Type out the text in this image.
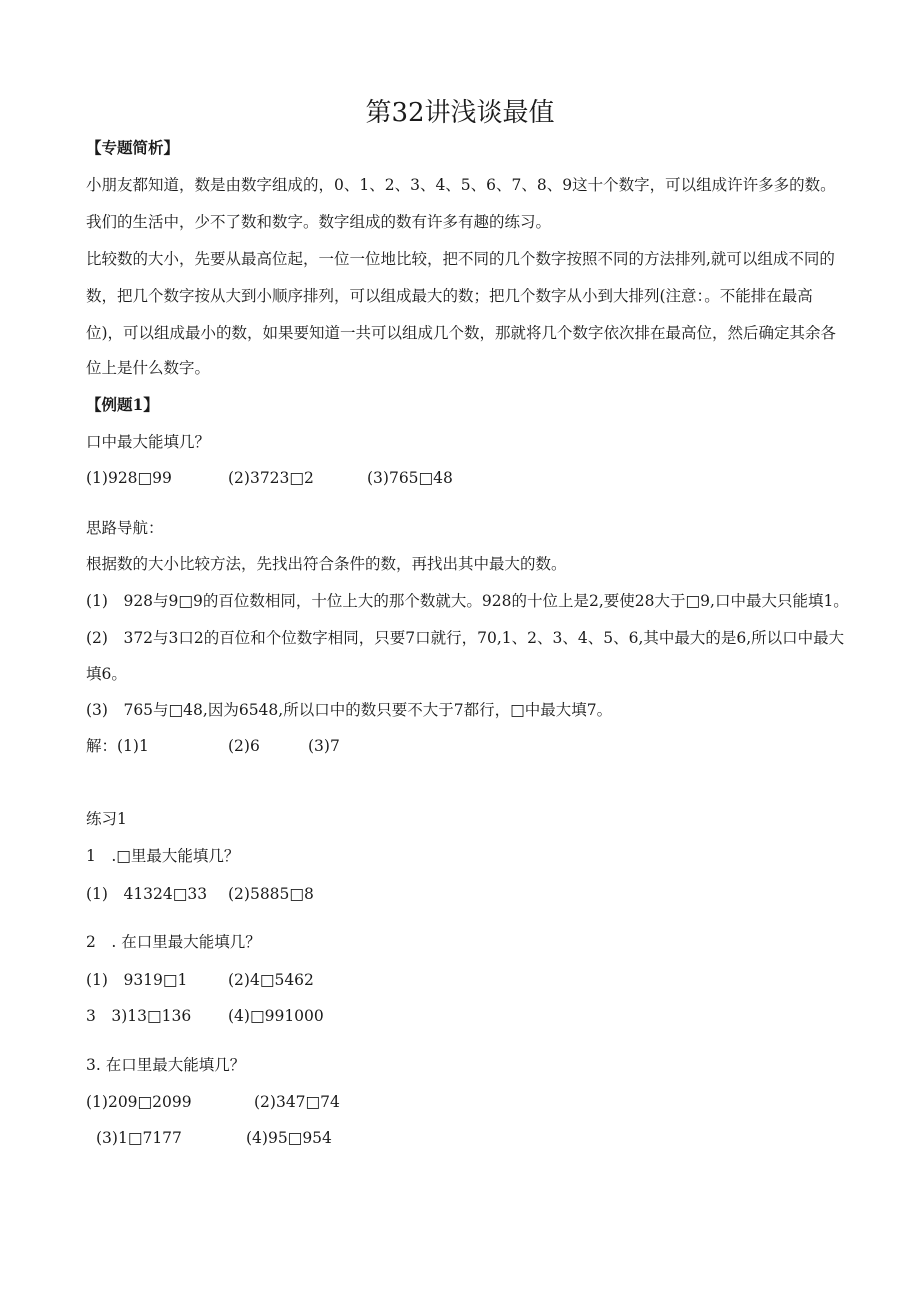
第32讲浅谈最值
【专题简析】
小朋友都知道，数是由数字组成的，0、1、2、3、4、5、6、7、8、9这十个数字，可以组成许许多多的数。
我们的生活中，少不了数和数字。数字组成的数有许多有趣的练习。
比较数的大小，先要从最高位起，一位一位地比较，把不同的几个数字按照不同的方法排列,就可以组成不同的
数，把几个数字按从大到小顺序排列，可以组成最大的数；把几个数字从小到大排列(注意：。不能排在最高
位)，可以组成最小的数，如果要知道一共可以组成几个数，那就将几个数字依次排在最高位，然后确定其余各
位上是什么数字。
【例题1】
口中最大能填几？
(1)928□99	(2)3723□2	(3)765□48
思路导航：
根据数的大小比较方法，先找出符合条件的数，再找出其中最大的数。
(1)　928与9□9的百位数相同，十位上大的那个数就大。928的十位上是2,要使28大于□9,口中最大只能填1。
(2)　372与3口2的百位和个位数字相同，只要7口就行，70,1、2、3、4、5、6,其中最大的是6,所以口中最大
填6。
(3)　765与□48,因为6548,所以口中的数只要不大于7都行，□中最大填7。
解：(1)1	(2)6	(3)7
练习1
1　.□里最大能填几？
(1)　41324□33 (2)5885□8
2　. 在口里最大能填几？
(1)　9319□1	(2)4□5462
3　3)13□136 (4)□991000
3. 在口里最大能填几？
(1)209□2099	(2)347□74
(3)1□7177	(4)95□954
